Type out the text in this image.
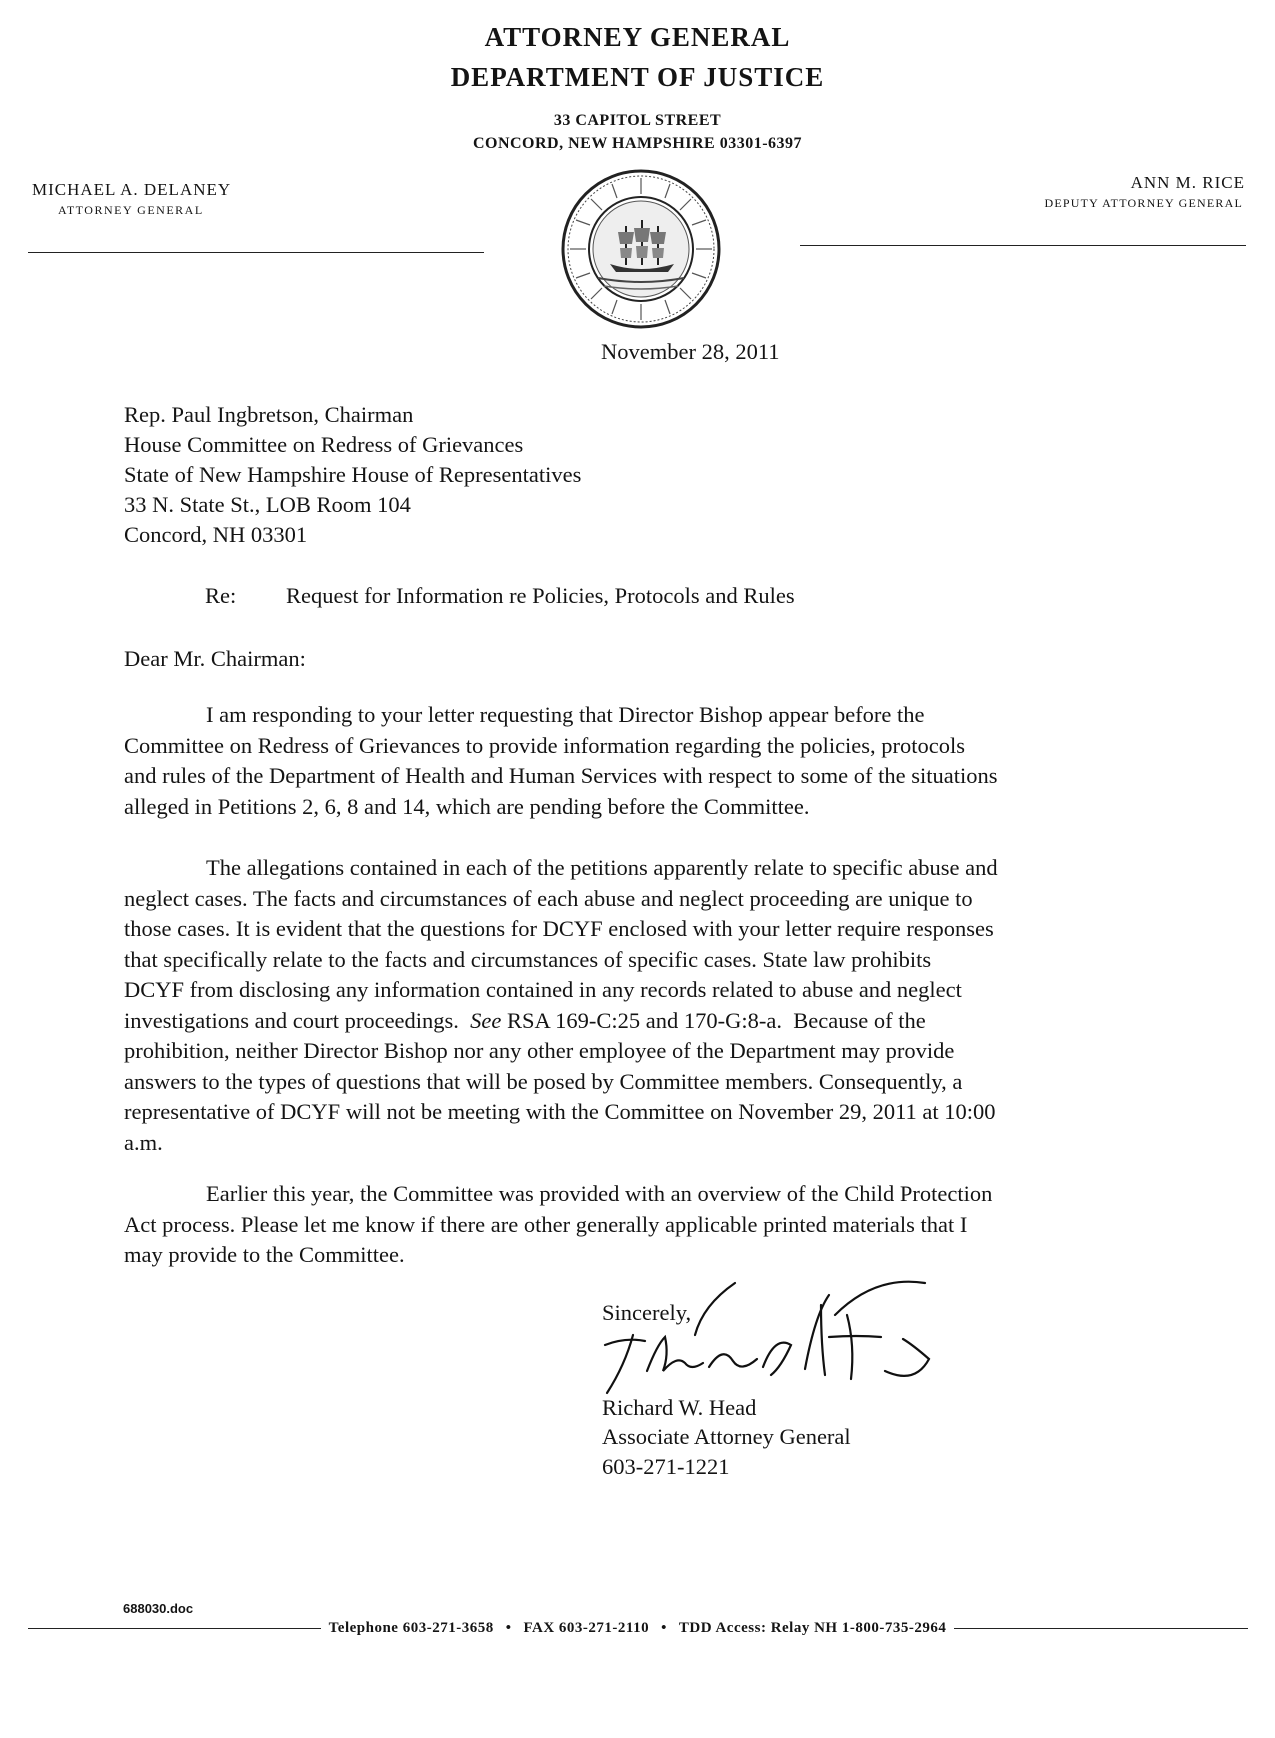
ATTORNEY GENERAL
DEPARTMENT OF JUSTICE
33 CAPITOL STREET
CONCORD, NEW HAMPSHIRE 03301-6397
MICHAEL A. DELANEY
ATTORNEY GENERAL
ANN M. RICE
DEPUTY ATTORNEY GENERAL
November 28, 2011
Rep. Paul Ingbretson, Chairman
House Committee on Redress of Grievances
State of New Hampshire House of Representatives
33 N. State St., LOB Room 104
Concord, NH 03301
Re: Request for Information re Policies, Protocols and Rules
Dear Mr. Chairman:
I am responding to your letter requesting that Director Bishop appear before the
Committee on Redress of Grievances to provide information regarding the policies, protocols
and rules of the Department of Health and Human Services with respect to some of the situations
alleged in Petitions 2, 6, 8 and 14, which are pending before the Committee.
The allegations contained in each of the petitions apparently relate to specific abuse and
neglect cases. The facts and circumstances of each abuse and neglect proceeding are unique to
those cases. It is evident that the questions for DCYF enclosed with your letter require responses
that specifically relate to the facts and circumstances of specific cases. State law prohibits
DCYF from disclosing any information contained in any records related to abuse and neglect
investigations and court proceedings.  See RSA 169-C:25 and 170-G:8-a.  Because of the
prohibition, neither Director Bishop nor any other employee of the Department may provide
answers to the types of questions that will be posed by Committee members. Consequently, a
representative of DCYF will not be meeting with the Committee on November 29, 2011 at 10:00
a.m.
Earlier this year, the Committee was provided with an overview of the Child Protection
Act process. Please let me know if there are other generally applicable printed materials that I
may provide to the Committee.
Sincerely,
Richard W. Head
Associate Attorney General
603-271-1221
688030.doc
Telephone 603-271-3658 • FAX 603-271-2110 • TDD Access: Relay NH 1-800-735-2964
